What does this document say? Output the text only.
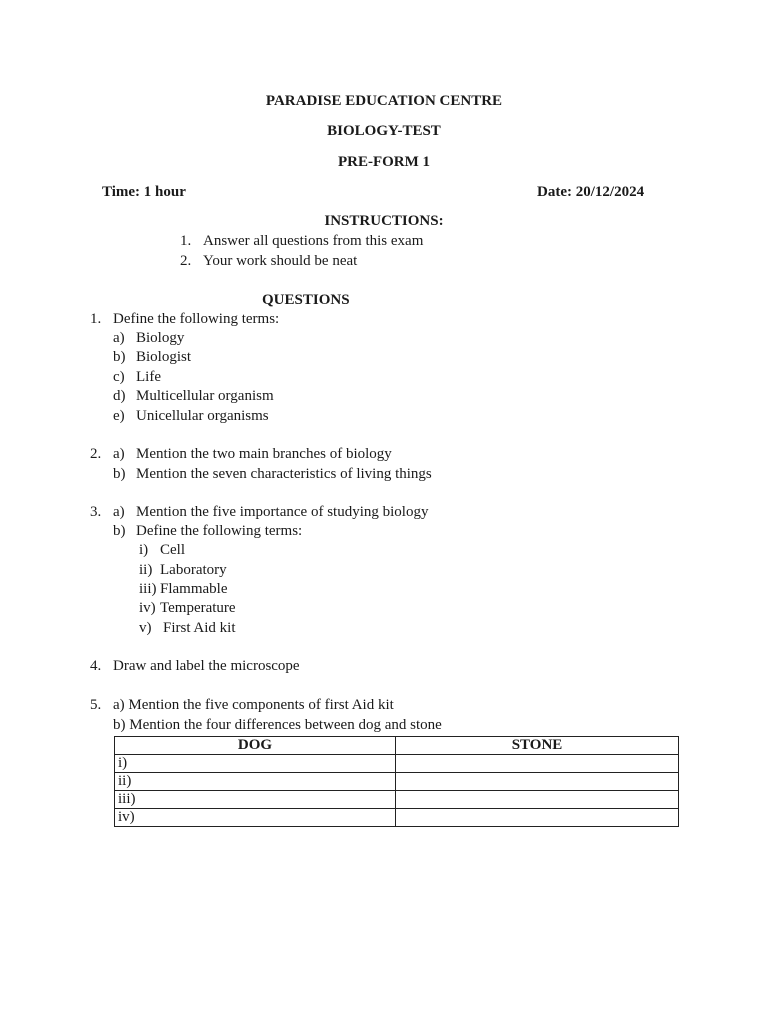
PARADISE EDUCATION CENTRE
BIOLOGY-TEST
PRE-FORM 1
Time: 1 hour	Date: 20/12/2024
INSTRUCTIONS:
1. Answer all questions from this exam
2. Your work should be neat
QUESTIONS
1. Define the following terms:
a) Biology
b) Biologist
c) Life
d) Multicellular organism
e) Unicellular organisms
2. a) Mention the two main branches of biology
b) Mention the seven characteristics of living things
3. a) Mention the five importance of studying biology
b) Define the following terms:
i) Cell
ii) Laboratory
iii) Flammable
iv) Temperature
v) First Aid kit
4. Draw and label the microscope
5. a) Mention the five components of first Aid kit
b) Mention the four differences between dog and stone
DOG	STONE
i)	
ii)	
iii)	
iv)	
